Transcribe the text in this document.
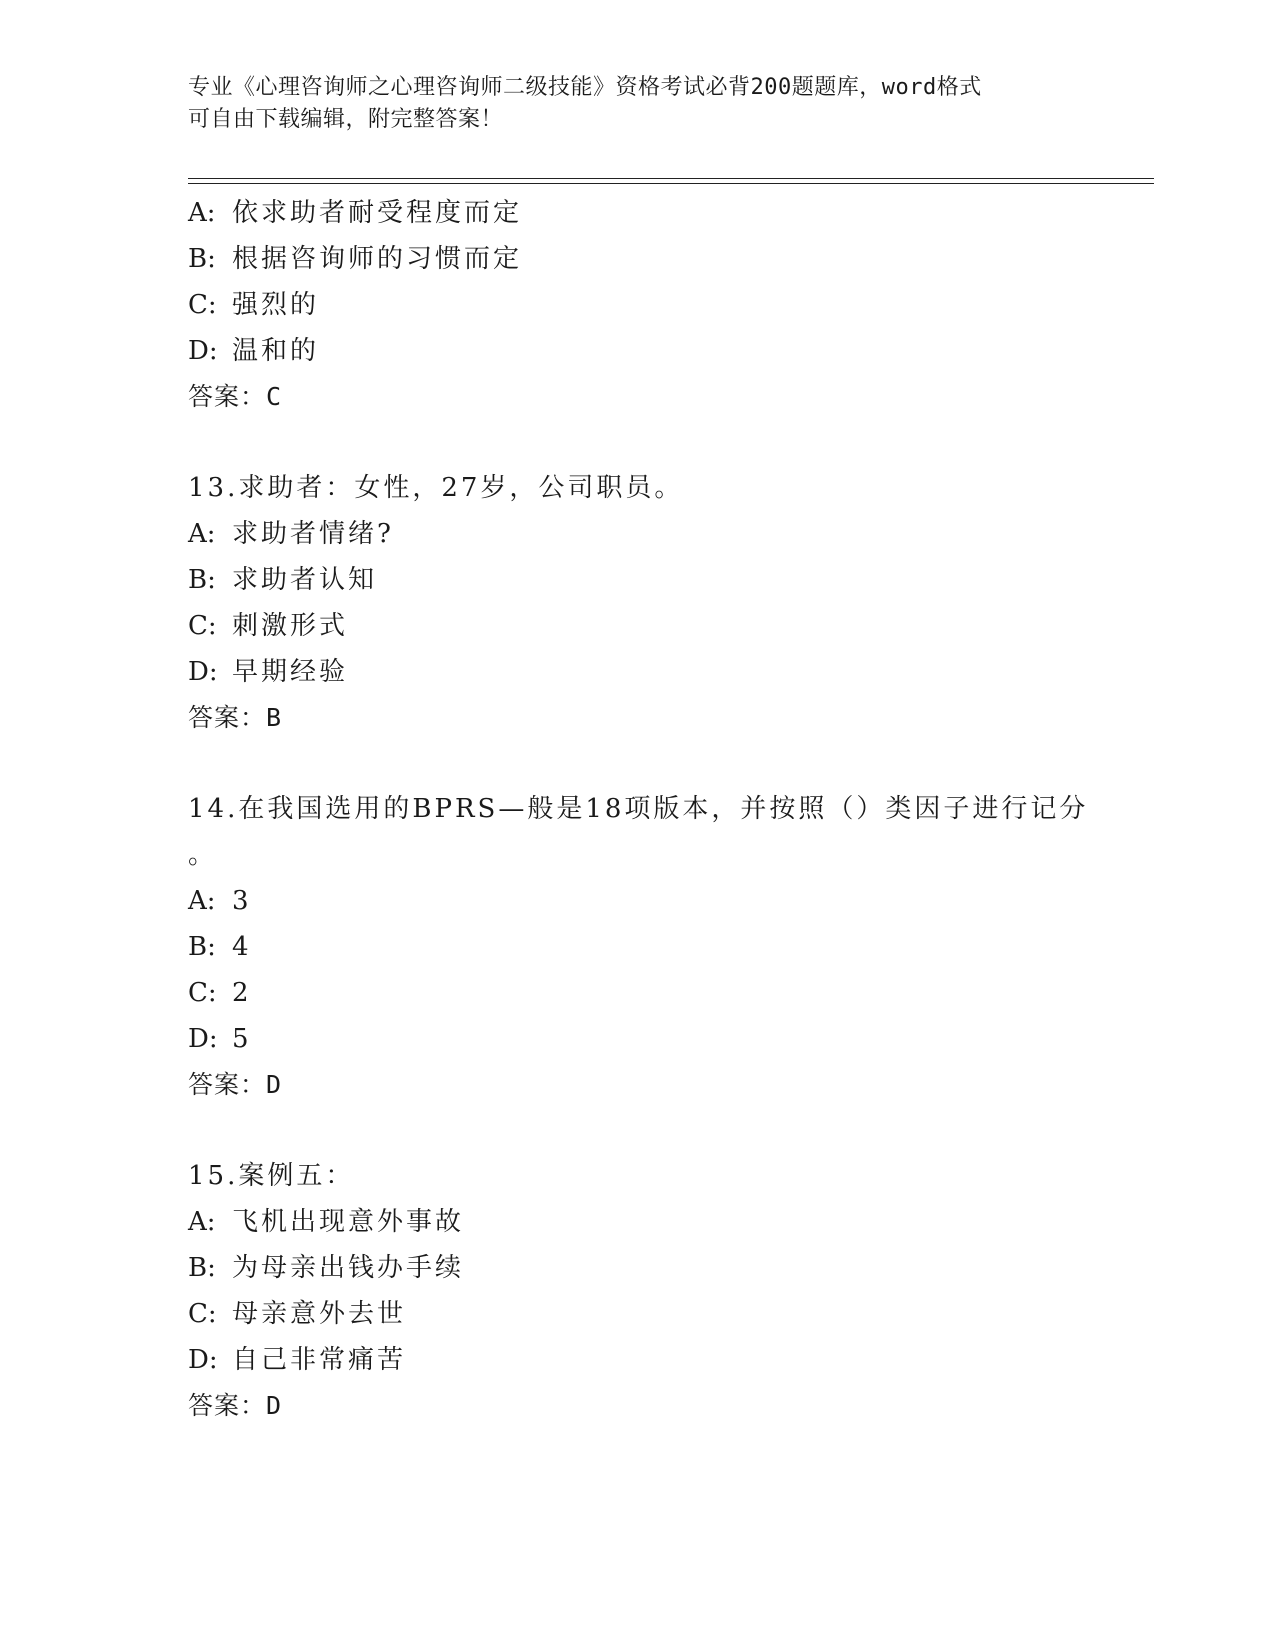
专业《心理咨询师之心理咨询师二级技能》资格考试必背200题题库，word格式
可自由下载编辑，附完整答案！
A: 依求助者耐受程度而定
B: 根据咨询师的习惯而定
C: 强烈的
D: 温和的
答案：C
13.求助者：女性，27岁，公司职员。
A: 求助者情绪?
B: 求助者认知
C: 刺激形式
D: 早期经验
答案：B
14.在我国选用的BPRS—般是18项版本，并按照（）类因子进行记分
。
A: 3
B: 4
C: 2
D: 5
答案：D
15.案例五：
A: 飞机出现意外事故
B: 为母亲出钱办手续
C: 母亲意外去世
D: 自己非常痛苦
答案：D
